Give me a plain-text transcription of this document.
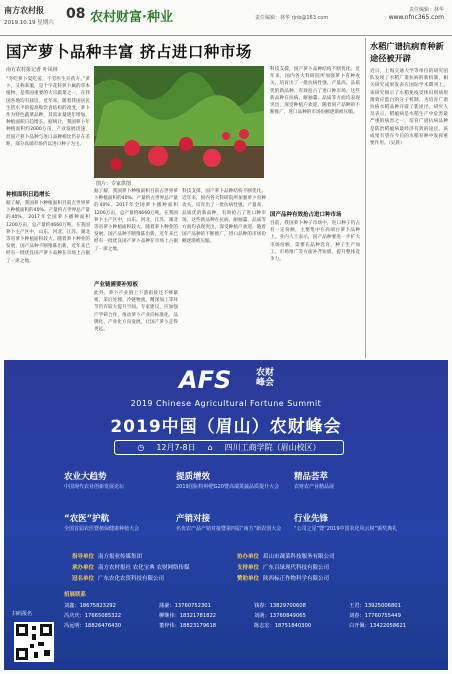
南方农村报
2019.10.19 星期六
08 农村财富·种业	责任编辑：林华 rjnb@163.com
责任编辑：林华
www.nfnc365.com
国产萝卜品种丰富 挤占进口种市场
南方农村报记者 叶凤林
“冬吃萝卜夏吃姜，不劳医生开药方。”萝卜，又称莱菔，是十字花科萝卜属的草本植物，是我国重要的大宗蔬菜之一，在我国各地均有栽培。近年来，随着我国居民生活水平的提高和饮食结构的改变，萝卜作为特色蔬菜品种，其需求量逐年增加，种植面积日趋增长。据统计，我国萝卜年种植面积约2000万亩，产业发展迅速，但国产萝卜品种与进口品种相比仍存在差距，部分高端市场仍以进口种子为主。
种植面积日趋增长
据了解，我国萝卜种植面积目前占世界萝卜种植面积的40%。产量约占世界总产量的40%。2017年全国萝卜播种面积1200万亩，总产量约4660万吨。在我国萝卜主产区中，山东、河北、江苏、湖北等省萝卜种植面积较大。随着萝卜种业的发展，国产品种不断推陈出新，近年来已经有一批优良国产萝卜品种在市场上占据了一席之地。
图片：专家供图
科技支撑，国产萝卜品种结构不断优化。近年来，国内各大科研院所加强萝卜育种攻关，培育出了一批抗病性强、产量高、品质优的新品种，有效抢占了进口种市场。这些新品种在抗病、耐抽薹、品质等方面均表现突出，深受种植户欢迎。随着国产品种的不断推广，进口品种的市场份额逐渐被压缩。
国产品种有效抢占进口种市场
目前，我国萝卜种子市场中，进口种子仍占有一定份额，主要集中在高端白萝卜品种上。业内人士表示，国产品种要进一步扩大市场份额，需要在品种选育、种子生产加工、市场推广等方面补齐短板，提升整体竞争力。
据了解，我国萝卜种植面积目前占世界萝卜种植面积的40%。产量约占世界总产量的40%。2017年全国萝卜播种面积1200万亩，总产量约4660万吨。在我国萝卜主产区中，山东、河北、江苏、湖北等省萝卜种植面积较大。随着萝卜种业的发展，国产品种不断推陈出新，近年来已经有一批优良国产萝卜品种在市场上占据了一席之地。
产业链需要补短板
此外，萝卜产业链上下游衔接还不够紧密，采后处理、冷链物流、精深加工等环节仍有较大提升空间。专家建议，应加强产学研合作，推动萝卜产业向标准化、品牌化、产业化方向发展，让国产萝卜走得更远。
科技支撑，国产萝卜品种结构不断优化。近年来，国内各大科研院所加强萝卜育种攻关，培育出了一批抗病性强、产量高、品质优的新品种，有效抢占了进口种市场。这些新品种在抗病、耐抽薹、品质等方面均表现突出，深受种植户欢迎。随着国产品种的不断推广，进口品种的市场份额逐渐被压缩。
水稻广谱抗病育种新途径被开辟
近日，上海交通大学等单位的研究团队发现了水稻广谱抗病的新机制，相关研究成果发表在国际学术期刊上。该研究揭示了水稻免疫受体识别病原菌效应蛋白的分子机制，为培育广谱抗病水稻品种开辟了新途径。研究人员表示，稻瘟病是水稻生产中危害最严重的病害之一，培育广谱抗病品种是防治稻瘟病最经济有效的途径。该成果有望在今后的水稻育种中发挥重要作用。（吴晨）
AFS	农财
峰会
2019 Chinese Agricultural Fortune Summit
2019中国（眉山）农财峰会
◷ 12月7-8日 ⌂ 四川工商学院（眉山校区）
农业大趋势
中国现代农业创新发展论坛
提质增效
2019国际特种肥G20暨高端果蔬品质提升大会
精品荟萃
农财农产业精品展
“农医”护航
全国首届农医暨植保健康种植大会
产销对接
名优农产品产销对接暨第四届“南方”新农创大会
行业先锋
“公司之星”暨“2019中国农化风云榜”颁奖典礼
指导单位 南方报业传媒集团	协办单位 眉山市蔬菜科技服务有限公司
承办单位 南方农村报社 农化宝典 农财网络传媒	支持单位 广东百绿现代科技有限公司
冠名单位 广东农化农资科技有限公司	赞助单位 陕西标正作物科学有限公司
招展联系
刘鑫：18675823292	蒲豪：13760752301	钱春：13829700608	王君：13925006801
冯庆庆：17665085322	柳继伟：18321781822	刘萌：13760849065	刘春：17760755449
冯远明：18826476430	董梓伟：18823179618	陈志宏：18751840300	白开佩：13422058621
扫码报名
